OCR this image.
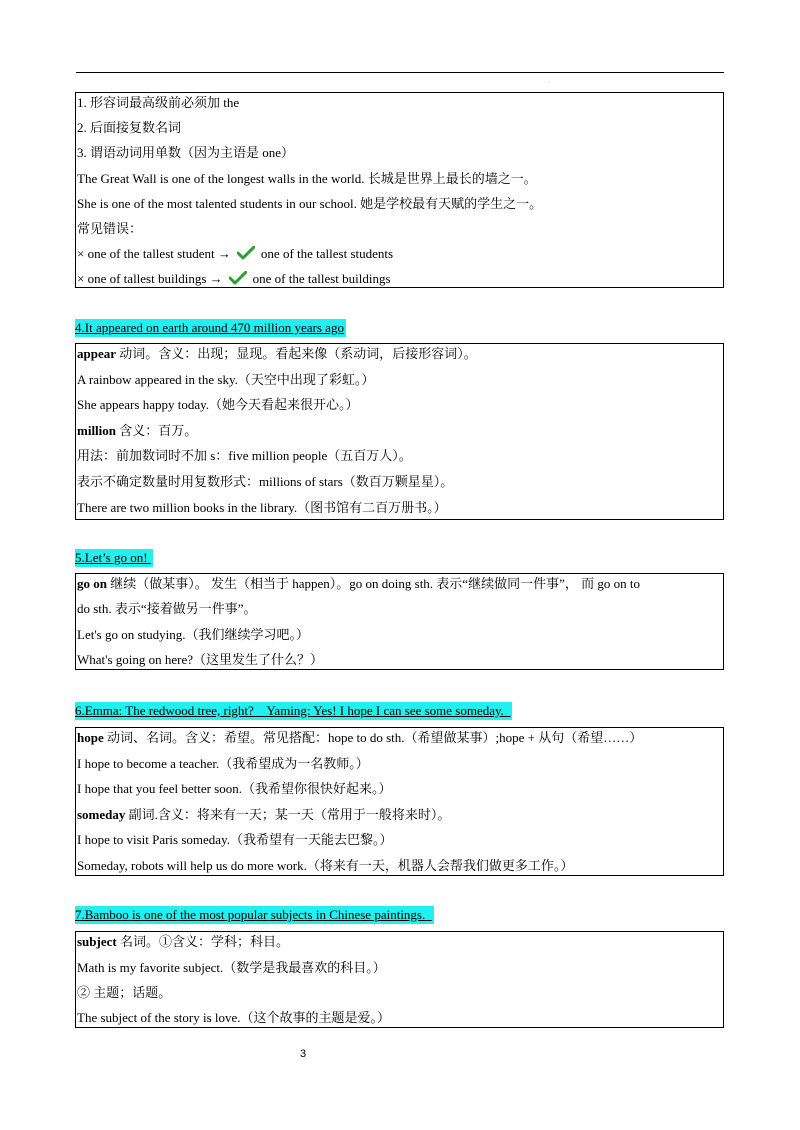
·
1. 形容词最高级前必须加 the
2. 后面接复数名词
3. 谓语动词用单数（因为主语是 one）
The Great Wall is one of the longest walls in the world. 长城是世界上最长的墙之一。
She is one of the most talented students in our school. 她是学校最有天赋的学生之一。
常见错误：
× one of the tallest student → one of the tallest students
× one of tallest buildings → one of the tallest buildings
4.It appeared on earth around 470 million years ago
appear 动词。含义：出现；显现。看起来像（系动词，后接形容词）。
A rainbow appeared in the sky.（天空中出现了彩虹。）
She appears happy today.（她今天看起来很开心。）
million 含义：百万。
用法：前加数词时不加 s：five million people（五百万人）。
表示不确定数量时用复数形式：millions of stars（数百万颗星星）。
There are two million books in the library.（图书馆有二百万册书。）
5.Let’s go on!
go on 继续（做某事）。 发生（相当于 happen）。go on doing sth. 表示“继续做同一件事”， 而 go on to
do sth. 表示“接着做另一件事”。
Let's go on studying.（我们继续学习吧。）
What's going on here?（这里发生了什么？）
6.Emma: The redwood tree, right?    Yaming: Yes! I hope I can see some someday.
hope 动词、名词。含义：希望。常见搭配：hope to do sth.（希望做某事）;hope + 从句（希望……）
I hope to become a teacher.（我希望成为一名教师。）
I hope that you feel better soon.（我希望你很快好起来。）
someday 副词.含义：将来有一天；某一天（常用于一般将来时）。
I hope to visit Paris someday.（我希望有一天能去巴黎。）
Someday, robots will help us do more work.（将来有一天，机器人会帮我们做更多工作。）
7.Bamboo is one of the most popular subjects in Chinese paintings.
subject 名词。①含义：学科；科目。
Math is my favorite subject.（数学是我最喜欢的科目。）
② 主题；话题。
The subject of the story is love.（这个故事的主题是爱。）
3
